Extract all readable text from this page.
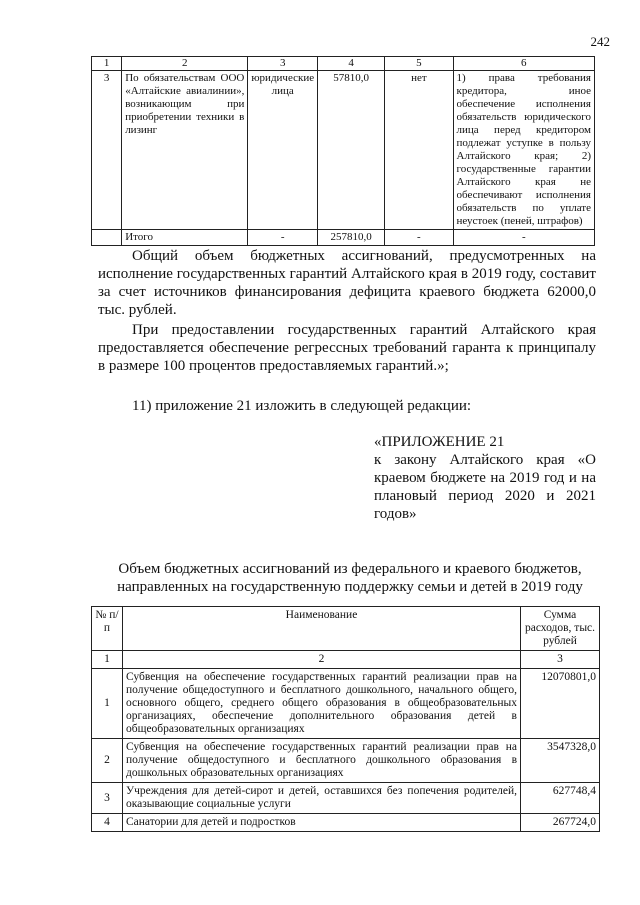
242
1	2	3	4	5	6
3	По обязательствам ООО «Алтайские авиалинии», возникающим при приобретении техники в лизинг	юридические лица	57810,0	нет	1) права требования кредитора, иное обеспечение исполнения обязательств юридического лица перед кредитором подлежат уступке в пользу Алтайского края; 2) государственные гарантии Алтайского края не обеспечивают исполнения обязательств по уплате неустоек (пеней, штрафов)
	Итого	-	257810,0	-	-

Общий объем бюджетных ассигнований, предусмотренных на исполнение государственных гарантий Алтайского края в 2019 году, составит за счет источников финансирования дефицита краевого бюджета 62000,0 тыс. рублей.

При предоставлении государственных гарантий Алтайского края предоставляется обеспечение регрессных требований гаранта к принципалу в размере 100 процентов предоставляемых гарантий.»;

11) приложение 21 изложить в следующей редакции:
«ПРИЛОЖЕНИЕ 21
к закону Алтайского края «О краевом бюджете на 2019 год и на плановый период 2020 и 2021 годов»
Объем бюджетных ассигнований из федерального и краевого бюджетов,
направленных на государственную поддержку семьи и детей в 2019 году
№ п/п	Наименование	Сумма расходов, тыс. рублей
1	2	3
1	Субвенция на обеспечение государственных гарантий реализации прав на получение общедоступного и бесплатного дошкольного, начального общего, основного общего, среднего общего образования в общеобразовательных организациях, обеспечение дополнительного образования детей в общеобразовательных организациях	12070801,0
2	Субвенция на обеспечение государственных гарантий реализации прав на получение общедоступного и бесплатного дошкольного образования в дошкольных образовательных организациях	3547328,0
3	Учреждения для детей-сирот и детей, оставшихся без попечения родителей, оказывающие социальные услуги	627748,4
4	Санатории для детей и подростков	267724,0
